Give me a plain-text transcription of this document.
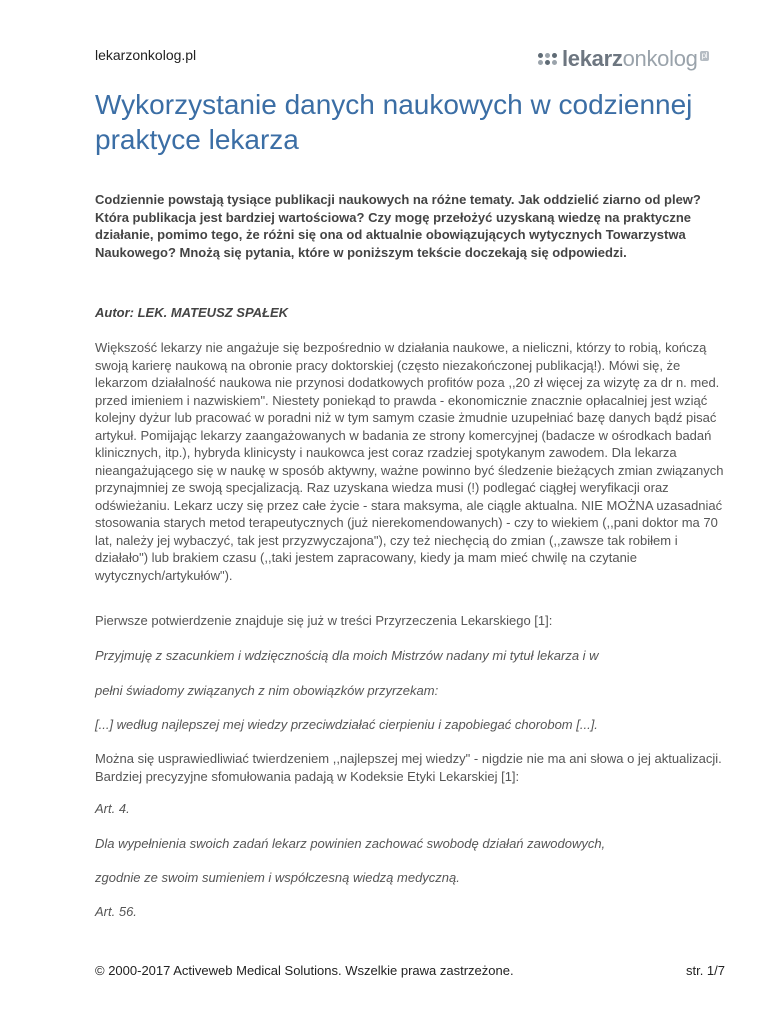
lekarzonkolog.pl	lekarzonkolog pl
Wykorzystanie danych naukowych w codziennej praktyce lekarza

Codziennie powstają tysiące publikacji naukowych na różne tematy. Jak oddzielić ziarno od plew? Która publikacja jest bardziej wartościowa? Czy mogę przełożyć uzyskaną wiedzę na praktyczne działanie, pomimo tego, że różni się ona od aktualnie obowiązujących wytycznych Towarzystwa Naukowego? Mnożą się pytania, które w poniższym tekście doczekają się odpowiedzi.

Autor: LEK. MATEUSZ SPAŁEK

Większość lekarzy nie angażuje się bezpośrednio w działania naukowe, a nieliczni, którzy to robią, kończą swoją karierę naukową na obronie pracy doktorskiej (często niezakończonej publikacją!). Mówi się, że lekarzom działalność naukowa nie przynosi dodatkowych profitów poza ,,20 zł więcej za wizytę za dr n. med. przed imieniem i nazwiskiem". Niestety poniekąd to prawda - ekonomicznie znacznie opłacalniej jest wziąć kolejny dyżur lub pracować w poradni niż w tym samym czasie żmudnie uzupełniać bazę danych bądź pisać artykuł. Pomijając lekarzy zaangażowanych w badania ze strony komercyjnej (badacze w ośrodkach badań klinicznych, itp.), hybryda klinicysty i naukowca jest coraz rzadziej spotykanym zawodem. Dla lekarza nieangażującego się w naukę w sposób aktywny, ważne powinno być śledzenie bieżących zmian związanych przynajmniej ze swoją specjalizacją. Raz uzyskana wiedza musi (!) podlegać ciągłej weryfikacji oraz odświeżaniu. Lekarz uczy się przez całe życie - stara maksyma, ale ciągle aktualna. NIE MOŻNA uzasadniać stosowania starych metod terapeutycznych (już nierekomendowanych) - czy to wiekiem (,,pani doktor ma 70 lat, należy jej wybaczyć, tak jest przyzwyczajona"), czy też niechęcią do zmian (,,zawsze tak robiłem i działało") lub brakiem czasu (,,taki jestem zapracowany, kiedy ja mam mieć chwilę na czytanie wytycznych/artykułów").

Pierwsze potwierdzenie znajduje się już w treści Przyrzeczenia Lekarskiego [1]:

Przyjmuję z szacunkiem i wdzięcznością dla moich Mistrzów nadany mi tytuł lekarza i w

pełni świadomy związanych z nim obowiązków przyrzekam:

[...] według najlepszej mej wiedzy przeciwdziałać cierpieniu i zapobiegać chorobom [...].

Można się usprawiedliwiać twierdzeniem ,,najlepszej mej wiedzy" - nigdzie nie ma ani słowa o jej aktualizacji. Bardziej precyzyjne sfomułowania padają w Kodeksie Etyki Lekarskiej [1]:

Art. 4.

Dla wypełnienia swoich zadań lekarz powinien zachować swobodę działań zawodowych,

zgodnie ze swoim sumieniem i współczesną wiedzą medyczną.

Art. 56.

© 2000-2017 Activeweb Medical Solutions. Wszelkie prawa zastrzeżone.	str. 1/7
